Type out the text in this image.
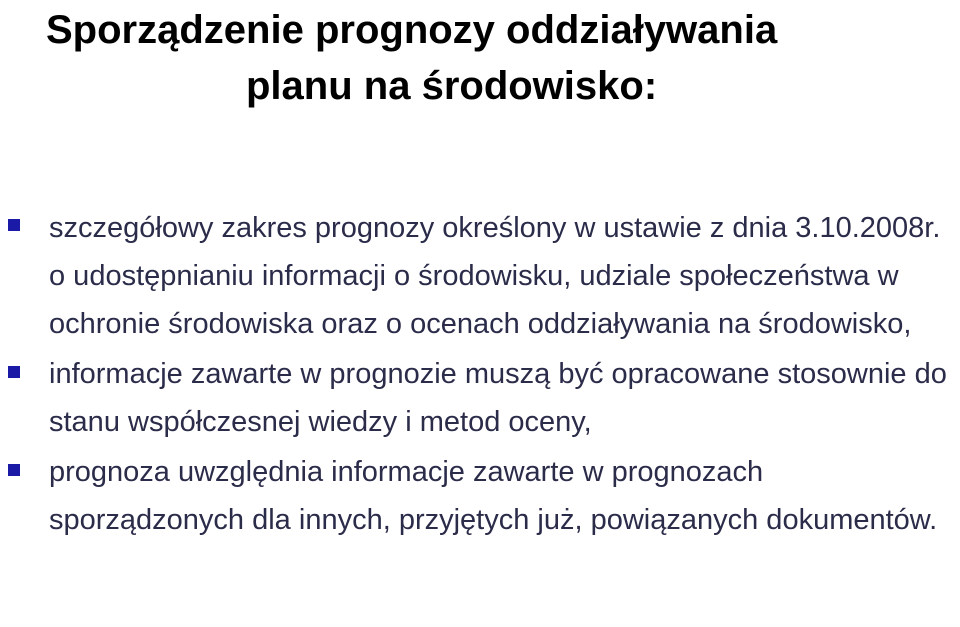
Sporządzenie prognozy oddziaływania
planu na środowisko:
szczegółowy zakres prognozy określony w ustawie z dnia 3.10.2008r. o udostępnianiu informacji o środowisku, udziale społeczeństwa w ochronie środowiska oraz o ocenach oddziaływania na środowisko,
informacje zawarte w prognozie muszą być opracowane stosownie do stanu współczesnej wiedzy i metod oceny,
prognoza uwzględnia informacje zawarte w prognozach sporządzonych dla innych, przyjętych już, powiązanych dokumentów.
